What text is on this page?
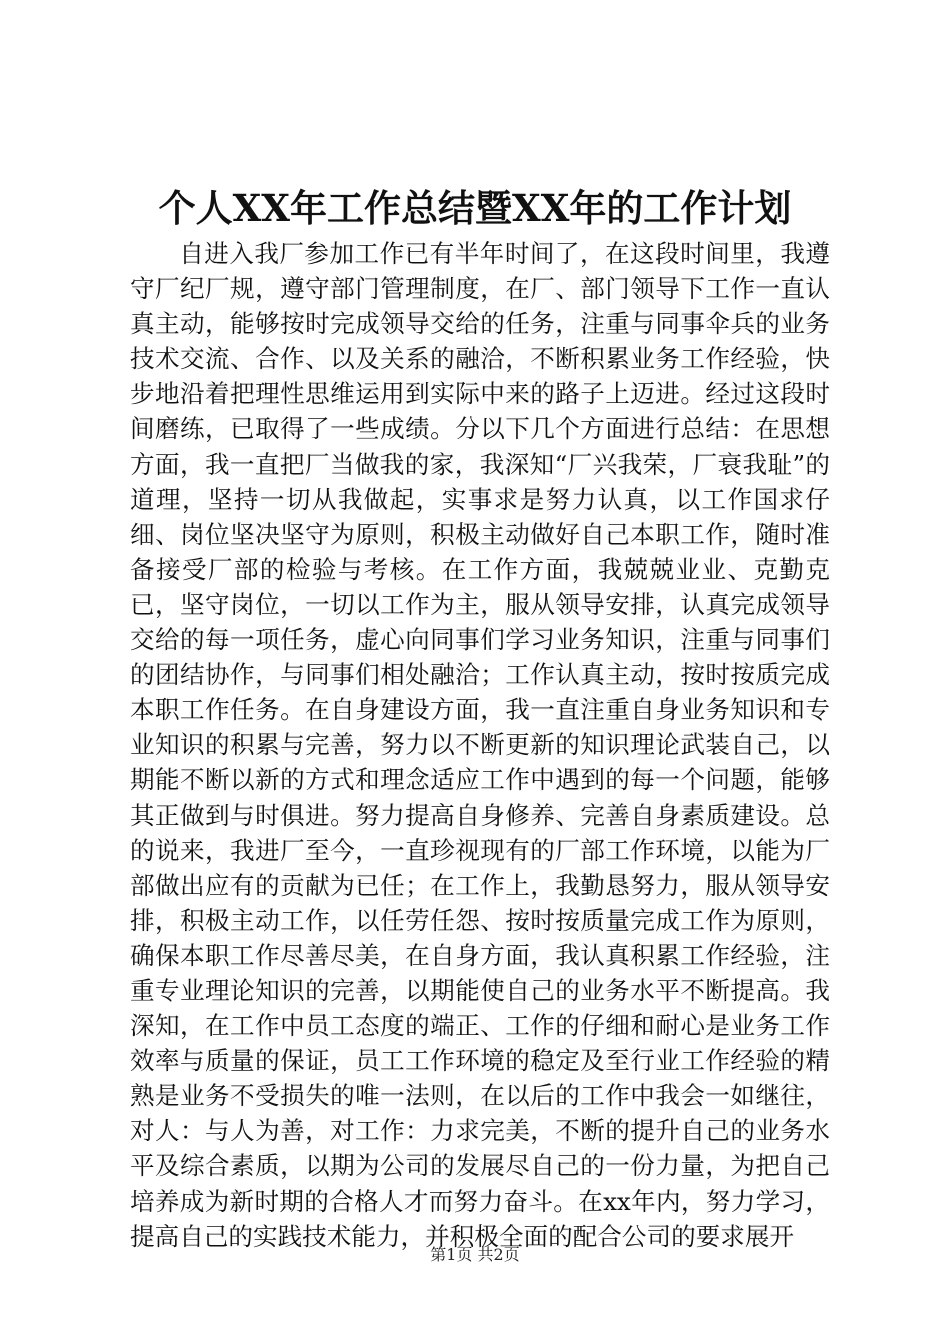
个人XX年工作总结暨XX年的工作计划

自进入我厂参加工作已有半年时间了，在这段时间里，我遵守厂纪厂规，遵守部门管理制度，在厂、部门领导下工作一直认真主动，能够按时完成领导交给的任务，注重与同事伞兵的业务技术交流、合作、以及关系的融洽，不断积累业务工作经验，快步地沿着把理性思维运用到实际中来的路子上迈进。经过这段时间磨练，已取得了一些成绩。分以下几个方面进行总结：在思想方面，我一直把厂当做我的家，我深知“厂兴我荣，厂衰我耻”的道理，坚持一切从我做起，实事求是努力认真，以工作国求仔细、岗位坚决坚守为原则，积极主动做好自己本职工作，随时准备接受厂部的检验与考核。在工作方面，我兢兢业业、克勤克已，坚守岗位，一切以工作为主，服从领导安排，认真完成领导交给的每一项任务，虚心向同事们学习业务知识，注重与同事们的团结协作，与同事们相处融洽；工作认真主动，按时按质完成本职工作任务。在自身建设方面，我一直注重自身业务知识和专业知识的积累与完善，努力以不断更新的知识理论武装自己，以期能不断以新的方式和理念适应工作中遇到的每一个问题，能够其正做到与时俱进。努力提高自身修养、完善自身素质建设。总的说来，我进厂至今，一直珍视现有的厂部工作环境，以能为厂部做出应有的贡献为已任；在工作上，我勤恳努力，服从领导安排，积极主动工作，以任劳任怨、按时按质量完成工作为原则，确保本职工作尽善尽美，在自身方面，我认真积累工作经验，注重专业理论知识的完善，以期能使自己的业务水平不断提高。我深知，在工作中员工态度的端正、工作的仔细和耐心是业务工作效率与质量的保证，员工工作环境的稳定及至行业工作经验的精熟是业务不受损失的唯一法则，在以后的工作中我会一如继往，对人：与人为善，对工作：力求完美，不断的提升自己的业务水平及综合素质，以期为公司的发展尽自己的一份力量，为把自己培养成为新时期的合格人才而努力奋斗。在xx年内，努力学习，提高自己的实践技术能力，并积极全面的配合公司的要求展开

第1页 共2页
